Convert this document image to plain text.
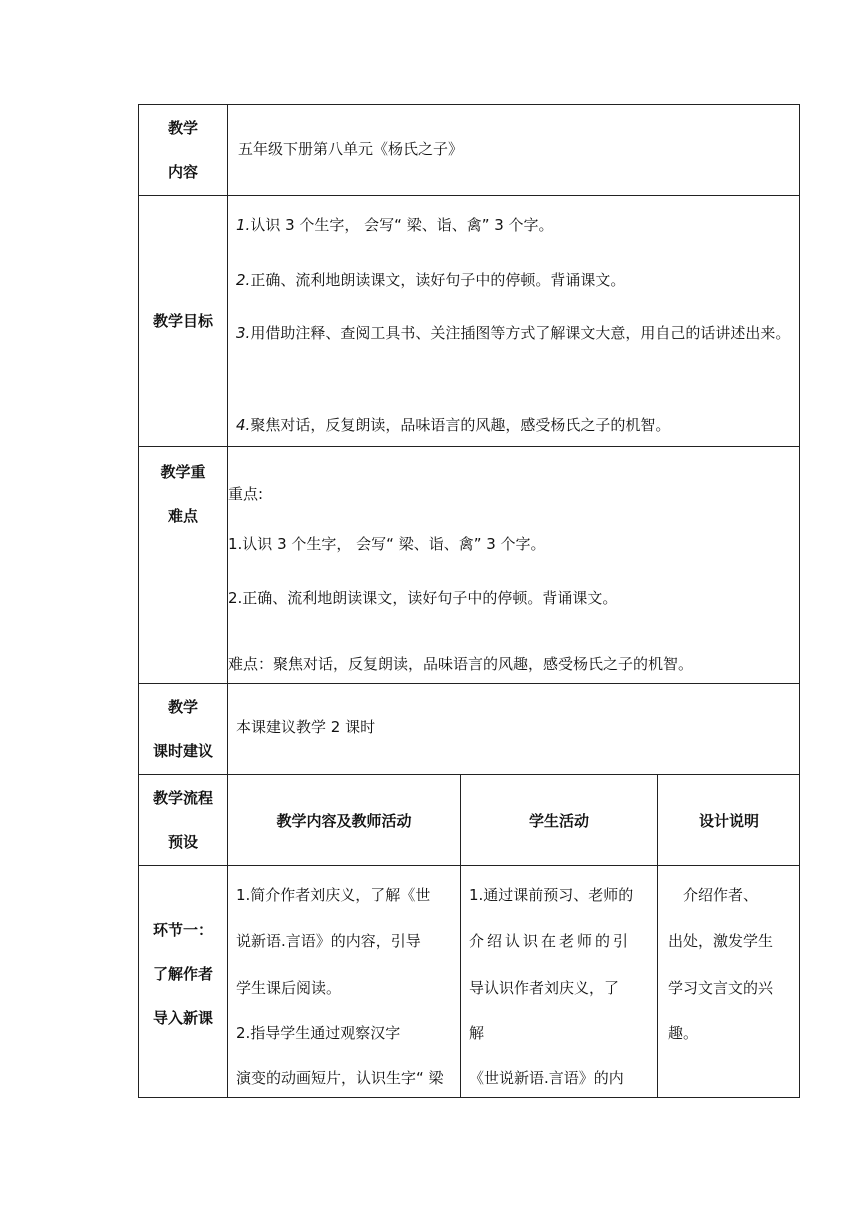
教学
内容
五年级下册第八单元《杨氏之子》
教学目标
1.认识 3 个生字， 会写“ 梁、诣、禽” 3 个字。
2.正确、流利地朗读课文，读好句子中的停顿。背诵课文。
3.用借助注释、查阅工具书、关注插图等方式了解课文大意，用自己的话讲述出来。
4.聚焦对话，反复朗读，品味语言的风趣，感受杨氏之子的机智。
教学重
难点
重点:
1.认识 3 个生字， 会写“ 梁、诣、禽” 3 个字。
2.正确、流利地朗读课文，读好句子中的停顿。背诵课文。
难点：聚焦对话，反复朗读，品味语言的风趣，感受杨氏之子的机智。
教学
课时建议
本课建议教学 2 课时
教学流程
预设
教学内容及教师活动	学生活动	设计说明
环节一：
了解作者
导入新课
1.简介作者刘庆义，了解《世
说新语.言语》的内容，引导
学生课后阅读。
2.指导学生通过观察汉字
演变的动画短片，认识生字“ 梁
1.通过课前预习、老师的
介绍认识在老师的引
导认识作者刘庆义，了
解
《世说新语.言语》的内
　介绍作者、
出处，激发学生
学习文言文的兴
趣。
